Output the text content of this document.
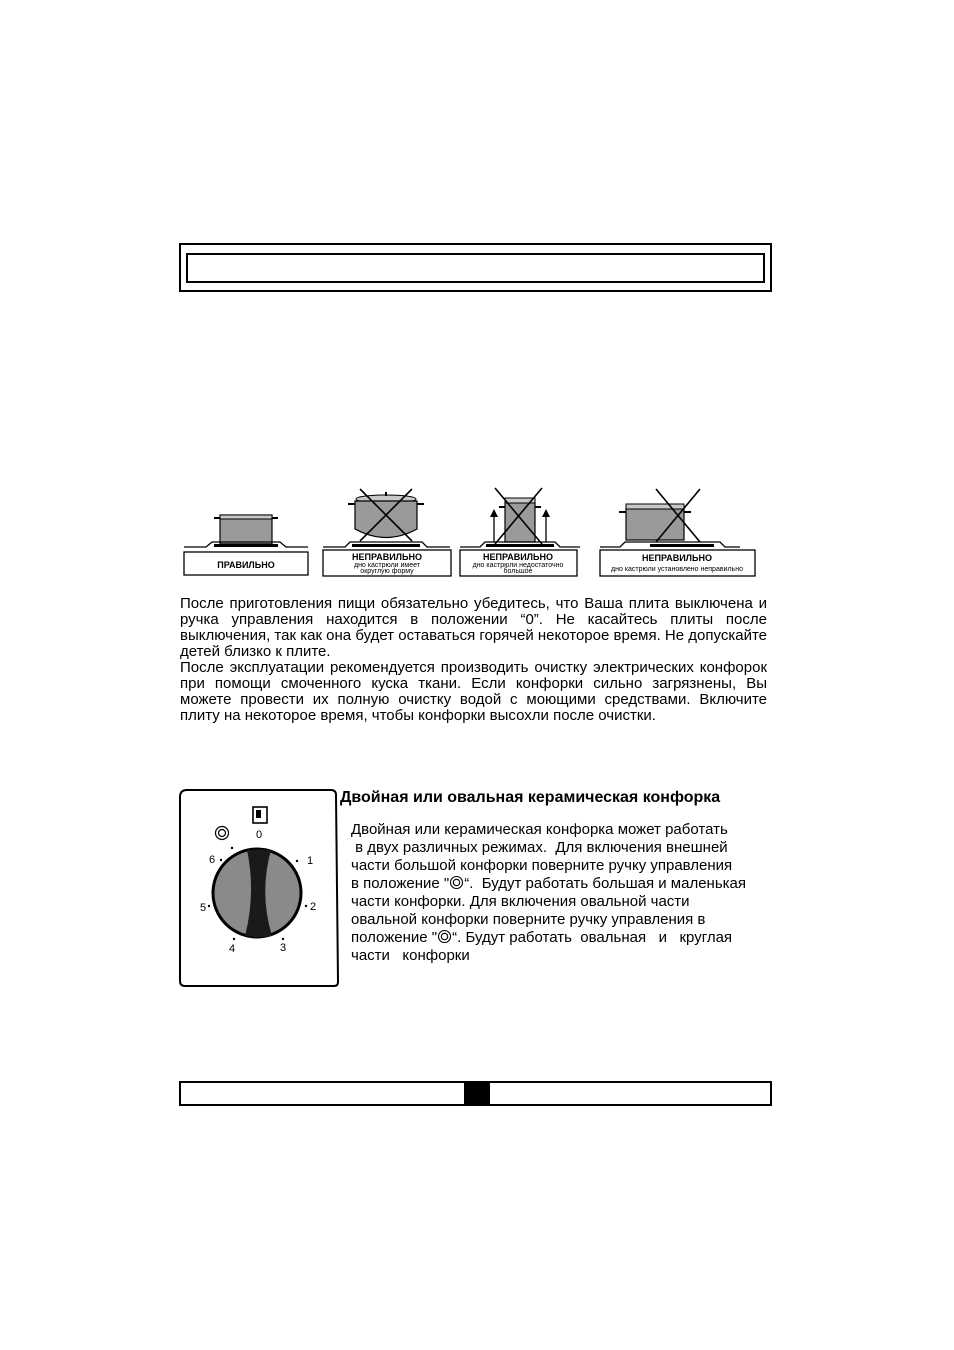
ПРАВИЛЬНО
НЕПРАВИЛЬНО
дно кастрюли имеет
округлую форму
НЕПРАВИЛЬНО
дно кастрюли недостаточно
большое
НЕПРАВИЛЬНО
дно кастрюли установлено неправильно

После приготовления пищи обязательно убедитесь, что Ваша плита выключена и ручка управления находится в положении “0”. Не касайтесь плиты после выключения, так как она будет оставаться горячей некоторое время. Не допускайте детей близко к плите.

После эксплуатации рекомендуется производить очистку электрических конфорок при помощи смоченного куска ткани. Если конфорки сильно загрязнены, Вы можете провести их полную очистку водой с моющими средствами. Включите плиту на некоторое время, чтобы конфорки высохли после очистки.

0
1
2
3
4
5
6
Двойная или овальная керамическая конфорка
Двойная или керамическая конфорка может работать
в двух различных режимах.  Для включения внешней
части большой конфорки поверните ручку управления
в положение " “.  Будут работать большая и маленькая
части конфорки. Для включения овальной части
овальной конфорки поверните ручку управления в
положение " “. Будут работать  овальная   и   круглая
части   конфорки
